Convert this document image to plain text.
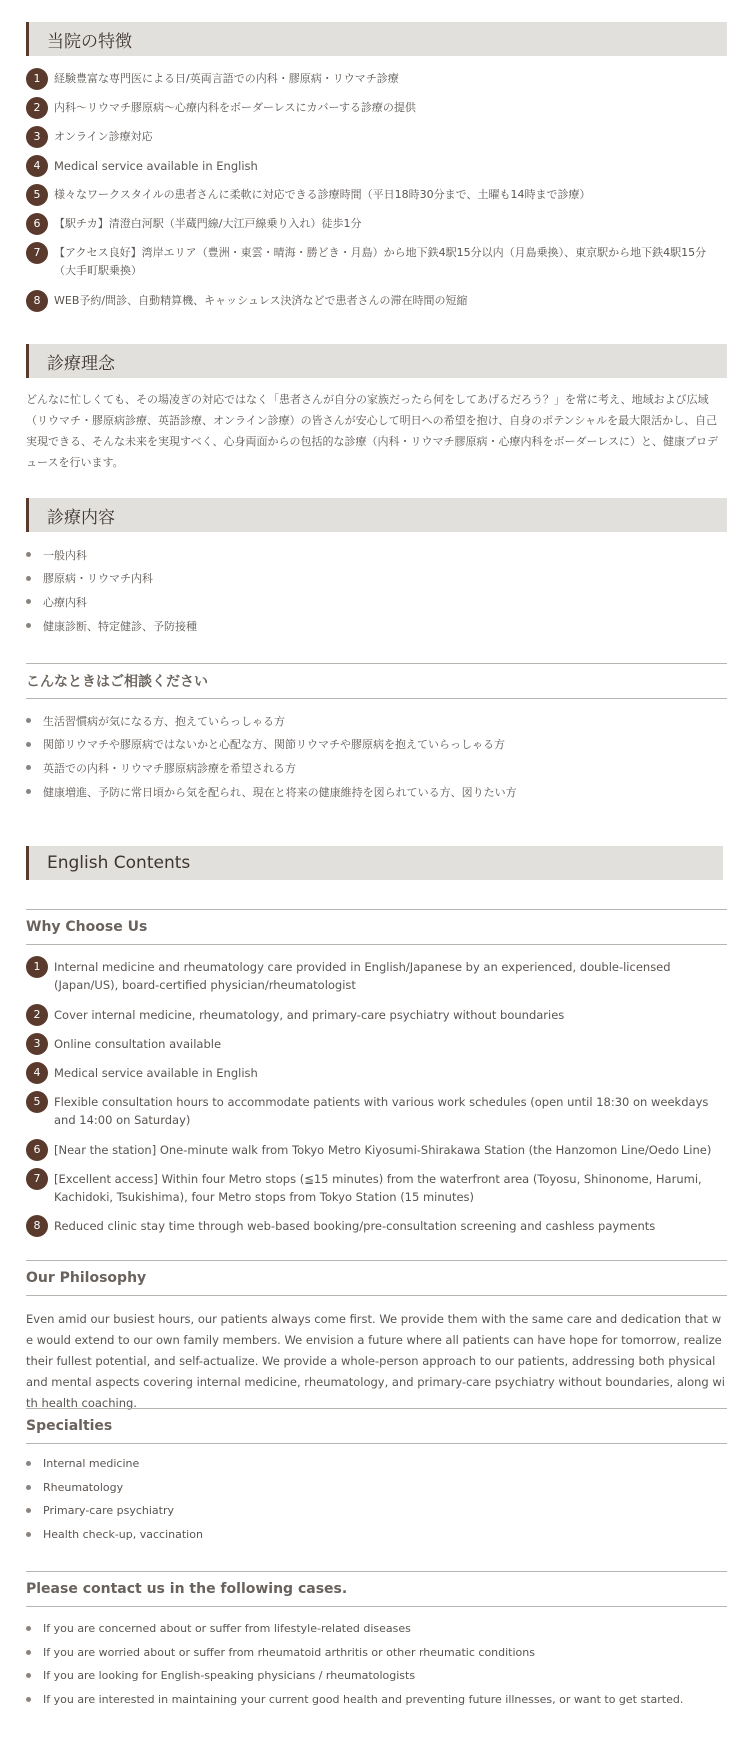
当院の特徴
1	経験豊富な専門医による日/英両言語での内科・膠原病・リウマチ診療
2	内科〜リウマチ膠原病〜心療内科をボーダーレスにカバーする診療の提供
3	オンライン診療対応
4	Medical service available in English
5	様々なワークスタイルの患者さんに柔軟に対応できる診療時間（平日18時30分まで、土曜も14時まで診療）
6	【駅チカ】清澄白河駅（半蔵門線/大江戸線乗り入れ）徒歩1分
7	【アクセス良好】湾岸エリア（豊洲・東雲・晴海・勝どき・月島）から地下鉄4駅15分以内（月島乗換）、東京駅から地下鉄4駅15分（大手町駅乗換）
8	WEB予約/問診、自動精算機、キャッシュレス決済などで患者さんの滞在時間の短縮
診療理念

どんなに忙しくても、その場凌ぎの対応ではなく「患者さんが自分の家族だったら何をしてあげるだろう？」を常に考え、地域および広域（リウマチ・膠原病診療、英語診療、オンライン診療）の皆さんが安心して明日への希望を抱け、自身のポテンシャルを最大限活かし、自己実現できる、そんな未来を実現すべく、心身両面からの包括的な診療（内科・リウマチ膠原病・心療内科をボーダーレスに）と、健康プロデュースを行います。

診療内容
一般内科
膠原病・リウマチ内科
心療内科
健康診断、特定健診、予防接種
こんなときはご相談ください
生活習慣病が気になる方、抱えていらっしゃる方
関節リウマチや膠原病ではないかと心配な方、関節リウマチや膠原病を抱えていらっしゃる方
英語での内科・リウマチ膠原病診療を希望される方
健康増進、予防に常日頃から気を配られ、現在と将来の健康維持を図られている方、図りたい方
English Contents
Why Choose Us
1	Internal medicine and rheumatology care provided in English/Japanese by an experienced, double-licensed (Japan/US), board-certified physician/rheumatologist
2	Cover internal medicine, rheumatology, and primary-care psychiatry without boundaries
3	Online consultation available
4	Medical service available in English
5	Flexible consultation hours to accommodate patients with various work schedules (open until 18:30 on weekdays and 14:00 on Saturday)
6	[Near the station] One-minute walk from Tokyo Metro Kiyosumi-Shirakawa Station (the Hanzomon Line/Oedo Line)
7	[Excellent access] Within four Metro stops (≦15 minutes) from the waterfront area (Toyosu, Shinonome, Harumi, Kachidoki, Tsukishima), four Metro stops from Tokyo Station (15 minutes)
8	Reduced clinic stay time through web-based booking/pre-consultation screening and cashless payments
Our Philosophy

Even amid our busiest hours, our patients always come first. We provide them with the same care and dedication that we would extend to our own family members. We envision a future where all patients can have hope for tomorrow, realize their fullest potential, and self-actualize. We provide a whole-person approach to our patients, addressing both physical and mental aspects covering internal medicine, rheumatology, and primary-care psychiatry without boundaries, along with health coaching.

Specialties
Internal medicine
Rheumatology
Primary-care psychiatry
Health check-up, vaccination
Please contact us in the following cases.
If you are concerned about or suffer from lifestyle-related diseases
If you are worried about or suffer from rheumatoid arthritis or other rheumatic conditions
If you are looking for English-speaking physicians / rheumatologists
If you are interested in maintaining your current good health and preventing future illnesses, or want to get started.
